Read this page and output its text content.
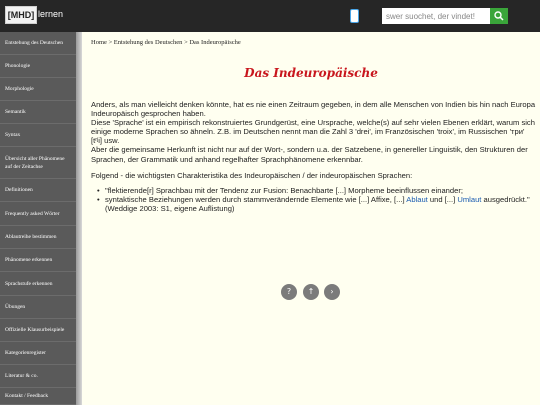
[MHD] lernen
swer suochet, der vindet!
Entstehung des Deutschen
Phonologie
Morphologie
Semantik
Syntax
Übersicht aller Phänomene auf der Zeitachse
Definitionen
Frequently asked Wörter
Ablautreihe bestimmen
Phänomene erkennen
Sprachstufe erkennen
Übungen
Offizielle Klausurbeispiele
Kategorienregister
Literatur & co.
Kontakt / Feedback
Home > Entstehung des Deutschen > Das Indeuropäische
Das Indeuropäische

Anders, als man vielleicht denken könnte, hat es nie einen Zeitraum gegeben, in dem alle Menschen von Indien bis hin nach Europa Indeuropäisch gesprochen haben.

Diese 'Sprache' ist ein empirisch rekonstruiertes Grundgerüst, eine Ursprache, welche(s) auf sehr vielen Ebenen erklärt, warum sich einige moderne Sprachen so ähneln. Z.B. im Deutschen nennt man die Zahl 3 'drei', im Französischen 'troix', im Russischen 'три' [tʳʲi] usw.

Aber die gemeinsame Herkunft ist nicht nur auf der Wort-, sondern u.a. der Satzebene, in genereller Linguistik, den Strukturen der Sprachen, der Grammatik und anhand regelhafter Sprachphänomene erkennbar.

Folgend - die wichtigsten Charakteristika des Indeuropäischen / der indeuropäischen Sprachen:

• "flektierende[r] Sprachbau mit der Tendenz zur Fusion: Benachbarte [...] Morpheme beeinflussen einander;
• syntaktische Beziehungen werden durch stammverändernde Elemente wie [...] Affixe, [...] Ablaut und [...] Umlaut ausgedrückt." (Weddige 2003: S1, eigene Auflistung)
?	↑	›
